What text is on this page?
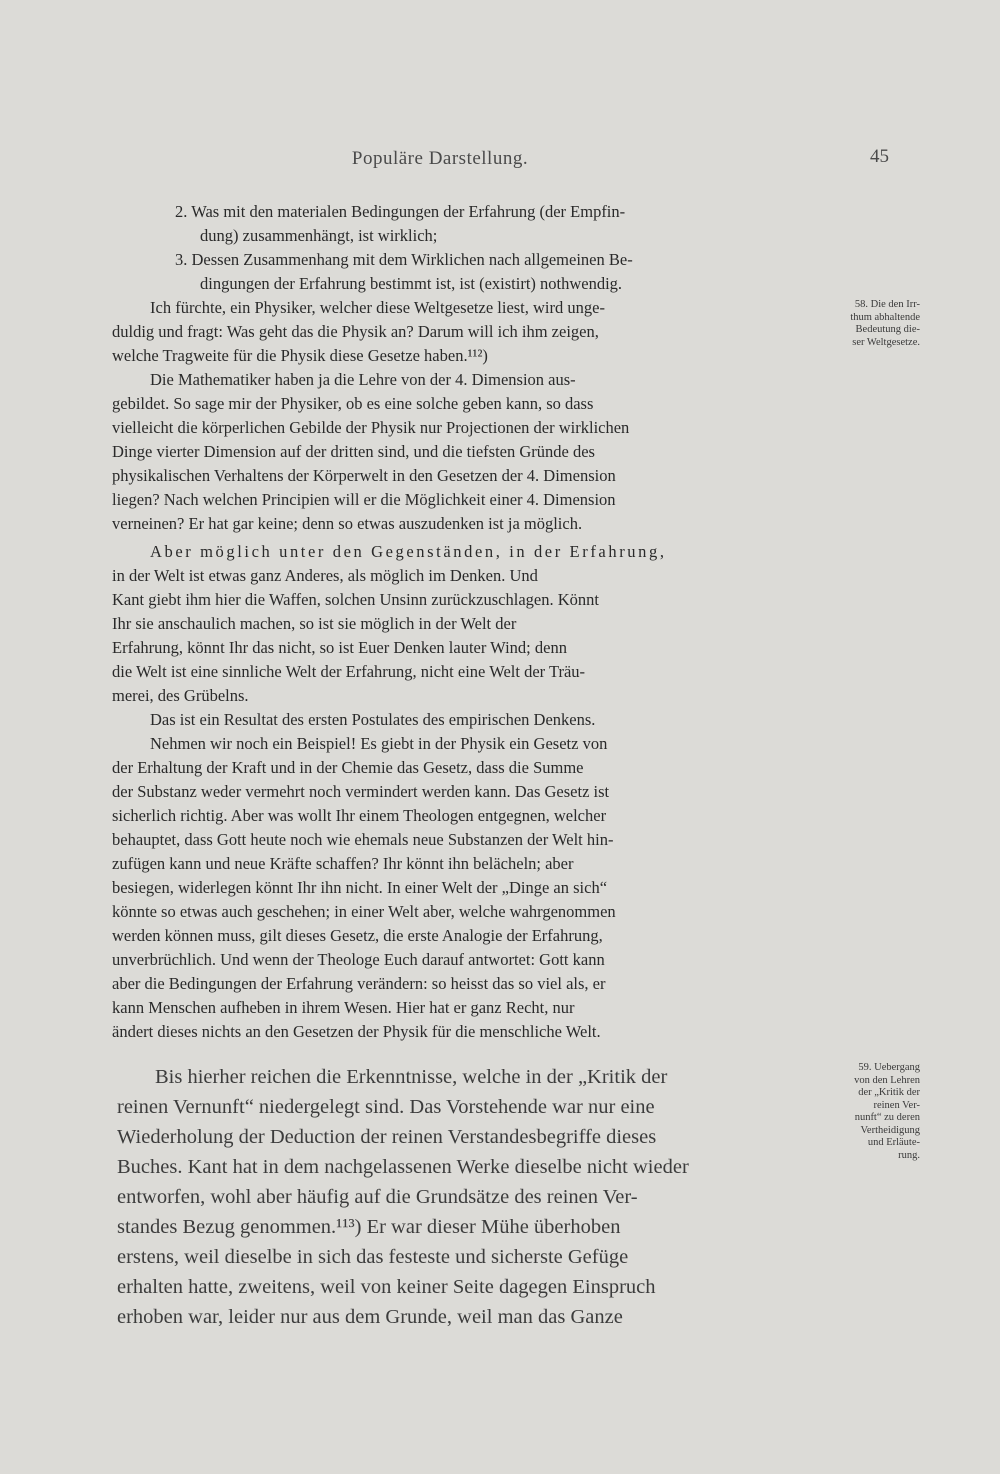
Populäre Darstellung.	45
2. Was mit den materialen Bedingungen der Erfahrung (der Empfin-
dung) zusammenhängt, ist wirklich;
3. Dessen Zusammenhang mit dem Wirklichen nach allgemeinen Be-
dingungen der Erfahrung bestimmt ist, ist (existirt) nothwendig.
Ich fürchte, ein Physiker, welcher diese Weltgesetze liest, wird unge-
duldig und fragt: Was geht das die Physik an? Darum will ich ihm zeigen,
welche Tragweite für die Physik diese Gesetze haben.¹¹²)
Die Mathematiker haben ja die Lehre von der 4. Dimension aus-
gebildet. So sage mir der Physiker, ob es eine solche geben kann, so dass
vielleicht die körperlichen Gebilde der Physik nur Projectionen der wirklichen
Dinge vierter Dimension auf der dritten sind, und die tiefsten Gründe des
physikalischen Verhaltens der Körperwelt in den Gesetzen der 4. Dimension
liegen? Nach welchen Principien will er die Möglichkeit einer 4. Dimension
verneinen? Er hat gar keine; denn so etwas auszudenken ist ja möglich.
Aber möglich unter den Gegenständen, in der Erfahrung,
in der Welt ist etwas ganz Anderes, als möglich im Denken. Und
Kant giebt ihm hier die Waffen, solchen Unsinn zurückzuschlagen. Könnt
Ihr sie anschaulich machen, so ist sie möglich in der Welt der
Erfahrung, könnt Ihr das nicht, so ist Euer Denken lauter Wind; denn
die Welt ist eine sinnliche Welt der Erfahrung, nicht eine Welt der Träu-
merei, des Grübelns.
Das ist ein Resultat des ersten Postulates des empirischen Denkens.
Nehmen wir noch ein Beispiel! Es giebt in der Physik ein Gesetz von
der Erhaltung der Kraft und in der Chemie das Gesetz, dass die Summe
der Substanz weder vermehrt noch vermindert werden kann. Das Gesetz ist
sicherlich richtig. Aber was wollt Ihr einem Theologen entgegnen, welcher
behauptet, dass Gott heute noch wie ehemals neue Substanzen der Welt hin-
zufügen kann und neue Kräfte schaffen? Ihr könnt ihn belächeln; aber
besiegen, widerlegen könnt Ihr ihn nicht. In einer Welt der „Dinge an sich“
könnte so etwas auch geschehen; in einer Welt aber, welche wahrgenommen
werden können muss, gilt dieses Gesetz, die erste Analogie der Erfahrung,
unverbrüchlich. Und wenn der Theologe Euch darauf antwortet: Gott kann
aber die Bedingungen der Erfahrung verändern: so heisst das so viel als, er
kann Menschen aufheben in ihrem Wesen. Hier hat er ganz Recht, nur
ändert dieses nichts an den Gesetzen der Physik für die menschliche Welt.
Bis hierher reichen die Erkenntnisse, welche in der „Kritik der
reinen Vernunft“ niedergelegt sind. Das Vorstehende war nur eine
Wiederholung der Deduction der reinen Verstandesbegriffe dieses
Buches. Kant hat in dem nachgelassenen Werke dieselbe nicht wieder
entworfen, wohl aber häufig auf die Grundsätze des reinen Ver-
standes Bezug genommen.¹¹³) Er war dieser Mühe überhoben
erstens, weil dieselbe in sich das festeste und sicherste Gefüge
erhalten hatte, zweitens, weil von keiner Seite dagegen Einspruch
erhoben war, leider nur aus dem Grunde, weil man das Ganze
58. Die den Irr-
thum abhaltende
Bedeutung die-
ser Weltgesetze.
59. Uebergang
von den Lehren
der „Kritik der
reinen Ver-
nunft“ zu deren
Vertheidigung
und Erläute-
rung.
